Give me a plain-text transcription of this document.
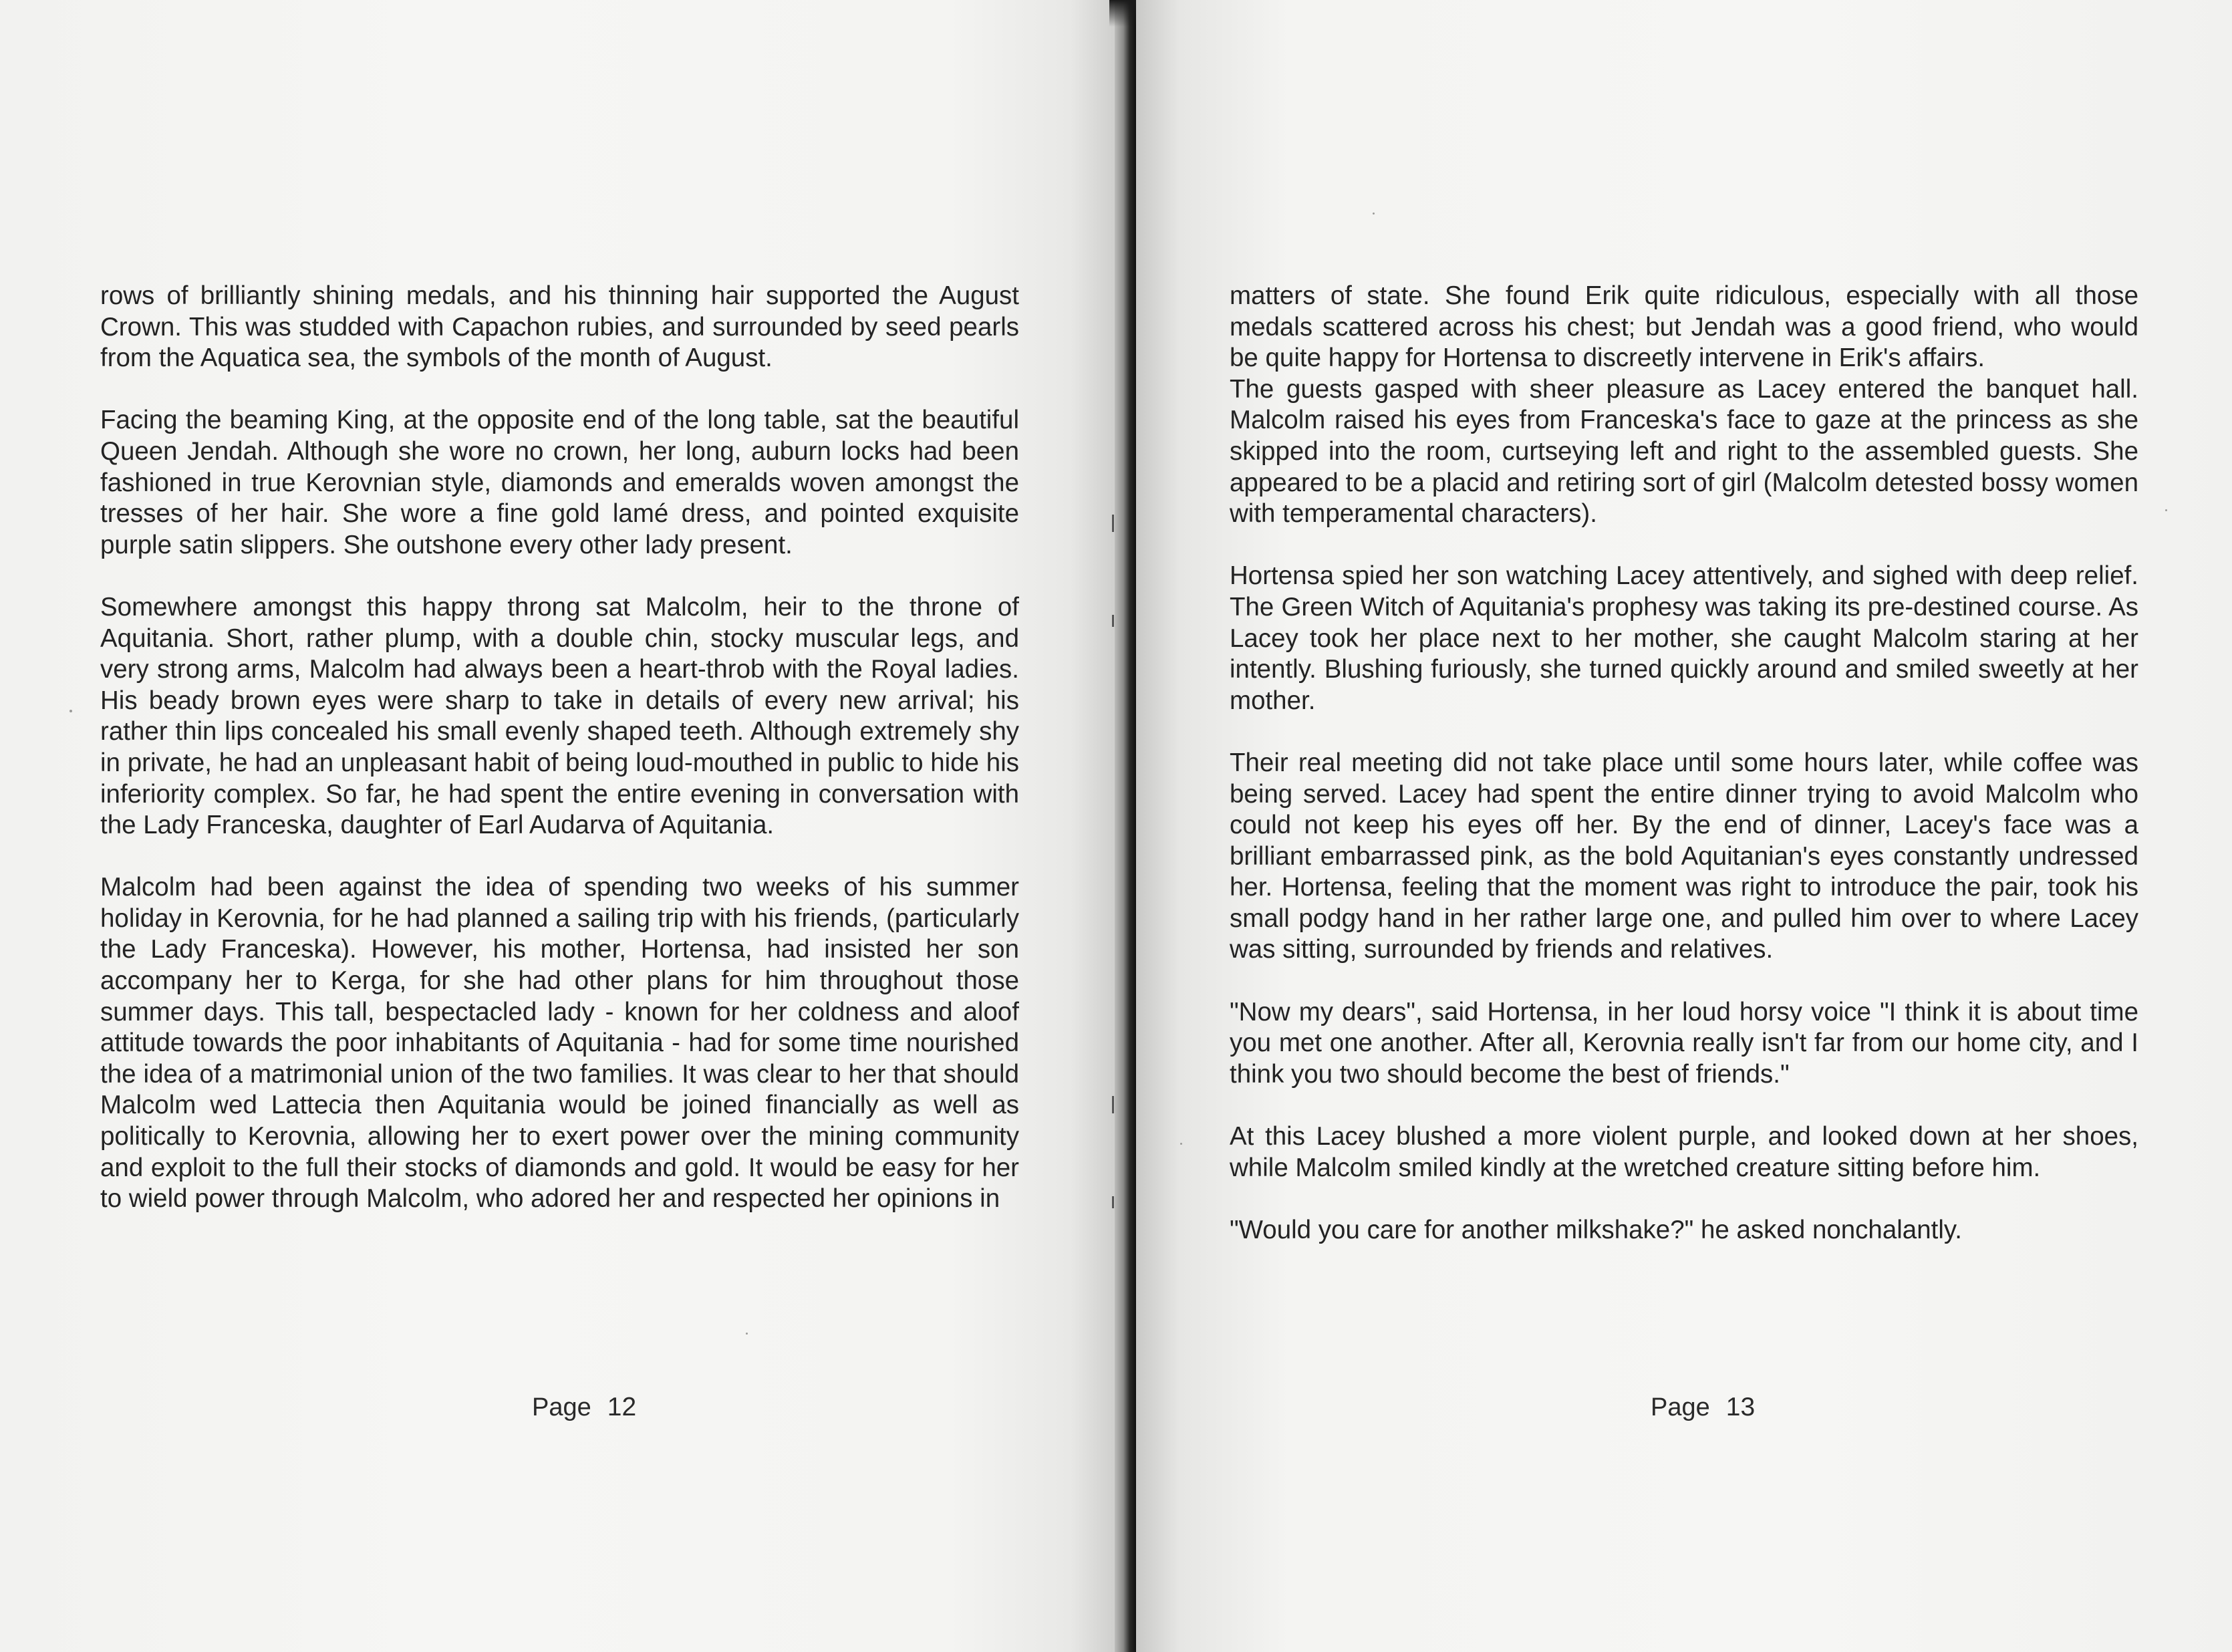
rows of brilliantly shining medals, and his thinning hair supported the August Crown. This was studded with Capachon rubies, and surrounded by seed pearls from the Aquatica sea, the symbols of the month of August.

Facing the beaming King, at the opposite end of the long table, sat the beautiful Queen Jendah. Although she wore no crown, her long, auburn locks had been fashioned in true Kerovnian style, diamonds and emeralds woven amongst the tresses of her hair. She wore a fine gold lamé dress, and pointed exquisite purple satin slippers. She outshone every other lady present.

Somewhere amongst this happy throng sat Malcolm, heir to the throne of Aquitania. Short, rather plump, with a double chin, stocky muscular legs, and very strong arms, Malcolm had always been a heart-throb with the Royal ladies. His beady brown eyes were sharp to take in details of every new arrival; his rather thin lips concealed his small evenly shaped teeth. Although extremely shy in private, he had an unpleasant habit of being loud-mouthed in public to hide his inferiority complex. So far, he had spent the entire evening in conversation with the Lady Franceska, daughter of Earl Audarva of Aquitania.

Malcolm had been against the idea of spending two weeks of his summer holiday in Kerovnia, for he had planned a sailing trip with his friends, (particularly the Lady Franceska). However, his mother, Hortensa, had insisted her son accompany her to Kerga, for she had other plans for him throughout those summer days. This tall, bespectacled lady - known for her coldness and aloof attitude towards the poor inhabitants of Aquitania - had for some time nourished the idea of a matrimonial union of the two families. It was clear to her that should Malcolm wed Lattecia then Aquitania would be joined financially as well as politically to Kerovnia, allowing her to exert power over the mining community and exploit to the full their stocks of diamonds and gold. It would be easy for her to wield power through Malcolm, who adored her and respected her opinions in

Page 12

matters of state. She found Erik quite ridiculous, especially with all those medals scattered across his chest; but Jendah was a good friend, who would be quite happy for Hortensa to discreetly intervene in Erik's affairs.

The guests gasped with sheer pleasure as Lacey entered the banquet hall. Malcolm raised his eyes from Franceska's face to gaze at the princess as she skipped into the room, curtseying left and right to the assembled guests. She appeared to be a placid and retiring sort of girl (Malcolm detested bossy women with temperamental characters).

Hortensa spied her son watching Lacey attentively, and sighed with deep relief. The Green Witch of Aquitania's prophesy was taking its pre-destined course. As Lacey took her place next to her mother, she caught Malcolm staring at her intently. Blushing furiously, she turned quickly around and smiled sweetly at her mother.

Their real meeting did not take place until some hours later, while coffee was being served. Lacey had spent the entire dinner trying to avoid Malcolm who could not keep his eyes off her. By the end of dinner, Lacey's face was a brilliant embarrassed pink, as the bold Aquitanian's eyes constantly undressed her. Hortensa, feeling that the moment was right to introduce the pair, took his small podgy hand in her rather large one, and pulled him over to where Lacey was sitting, surrounded by friends and relatives.

"Now my dears", said Hortensa, in her loud horsy voice "I think it is about time you met one another. After all, Kerovnia really isn't far from our home city, and I think you two should become the best of friends."

At this Lacey blushed a more violent purple, and looked down at her shoes, while Malcolm smiled kindly at the wretched creature sitting before him.

"Would you care for another milkshake?" he asked nonchalantly.

Page 13
